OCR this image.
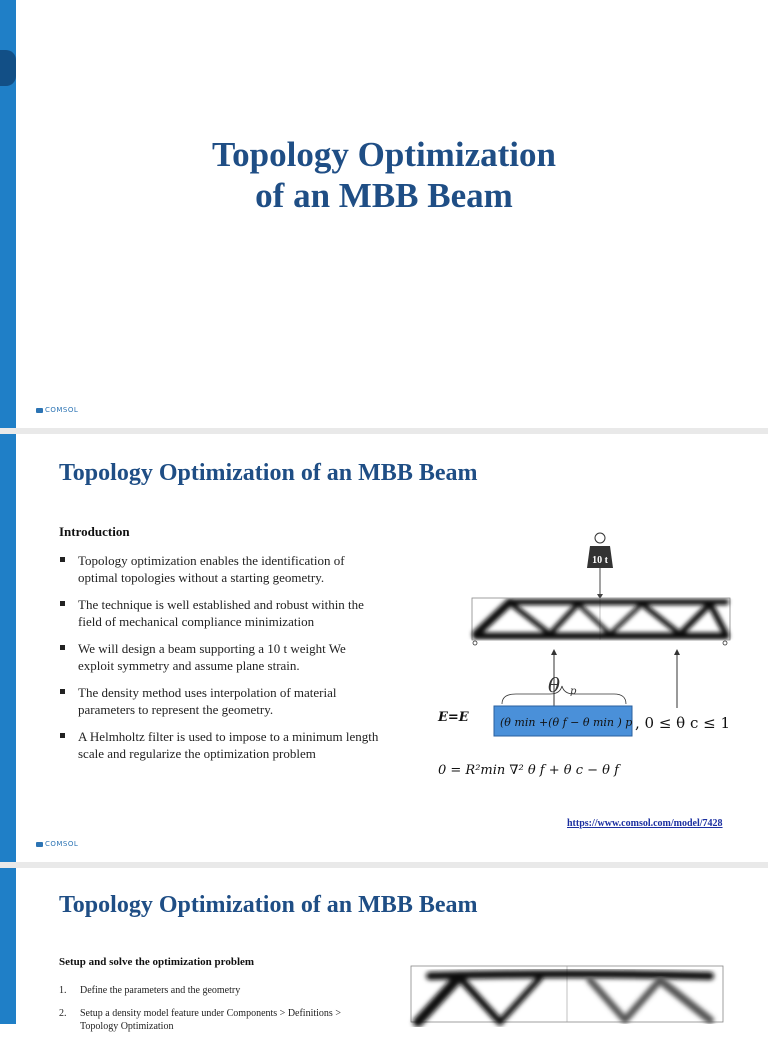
Topology Optimization
of an MBB Beam
COMSOL
Topology Optimization of an MBB Beam
Introduction
Topology optimization enables the identification of optimal topologies without a starting geometry.
The technique is well established and robust within the field of mechanical compliance minimization
We will design a beam supporting a 10 t weight We exploit symmetry and assume plane strain.
The density method uses interpolation of material parameters to represent the geometry.
A Helmholtz filter is used to impose to a minimum length scale and regularize the optimization problem
10 t
θ p
E=E	(θ min +(θ f − θ min ) p , 0 ≤ θ c ≤ 1
0 = R²min ∇² θ f + θ c − θ f
https://www.comsol.com/model/7428
COMSOL
Topology Optimization of an MBB Beam
Setup and solve the optimization problem
1. Define the parameters and the geometry
2. Setup a density model feature under Components > Definitions > Topology Optimization
